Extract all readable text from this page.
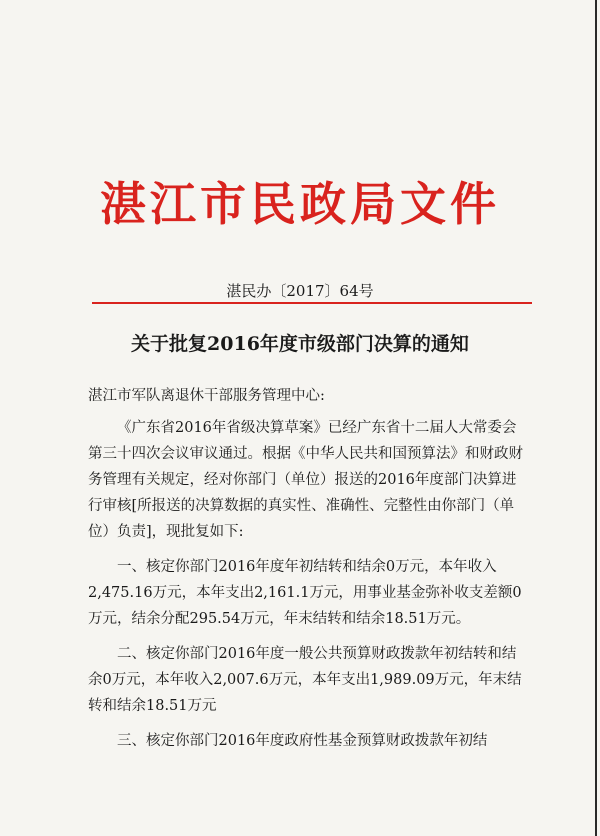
湛江市民政局文件
湛民办〔2017〕64号
关于批复2016年度市级部门决算的通知

湛江市军队离退休干部服务管理中心:

《广东省2016年省级决算草案》已经广东省十二届人大常委会第三十四次会议审议通过。根据《中华人民共和国预算法》和财政财务管理有关规定，经对你部门（单位）报送的2016年度部门决算进行审核[所报送的决算数据的真实性、准确性、完整性由你部门（单位）负责]，现批复如下:

一、核定你部门2016年度年初结转和结余0万元，本年收入2,475.16万元，本年支出2,161.1万元，用事业基金弥补收支差额0万元，结余分配295.54万元，年末结转和结余18.51万元。

二、核定你部门2016年度一般公共预算财政拨款年初结转和结余0万元，本年收入2,007.6万元，本年支出1,989.09万元，年末结转和结余18.51万元

三、核定你部门2016年度政府性基金预算财政拨款年初结
